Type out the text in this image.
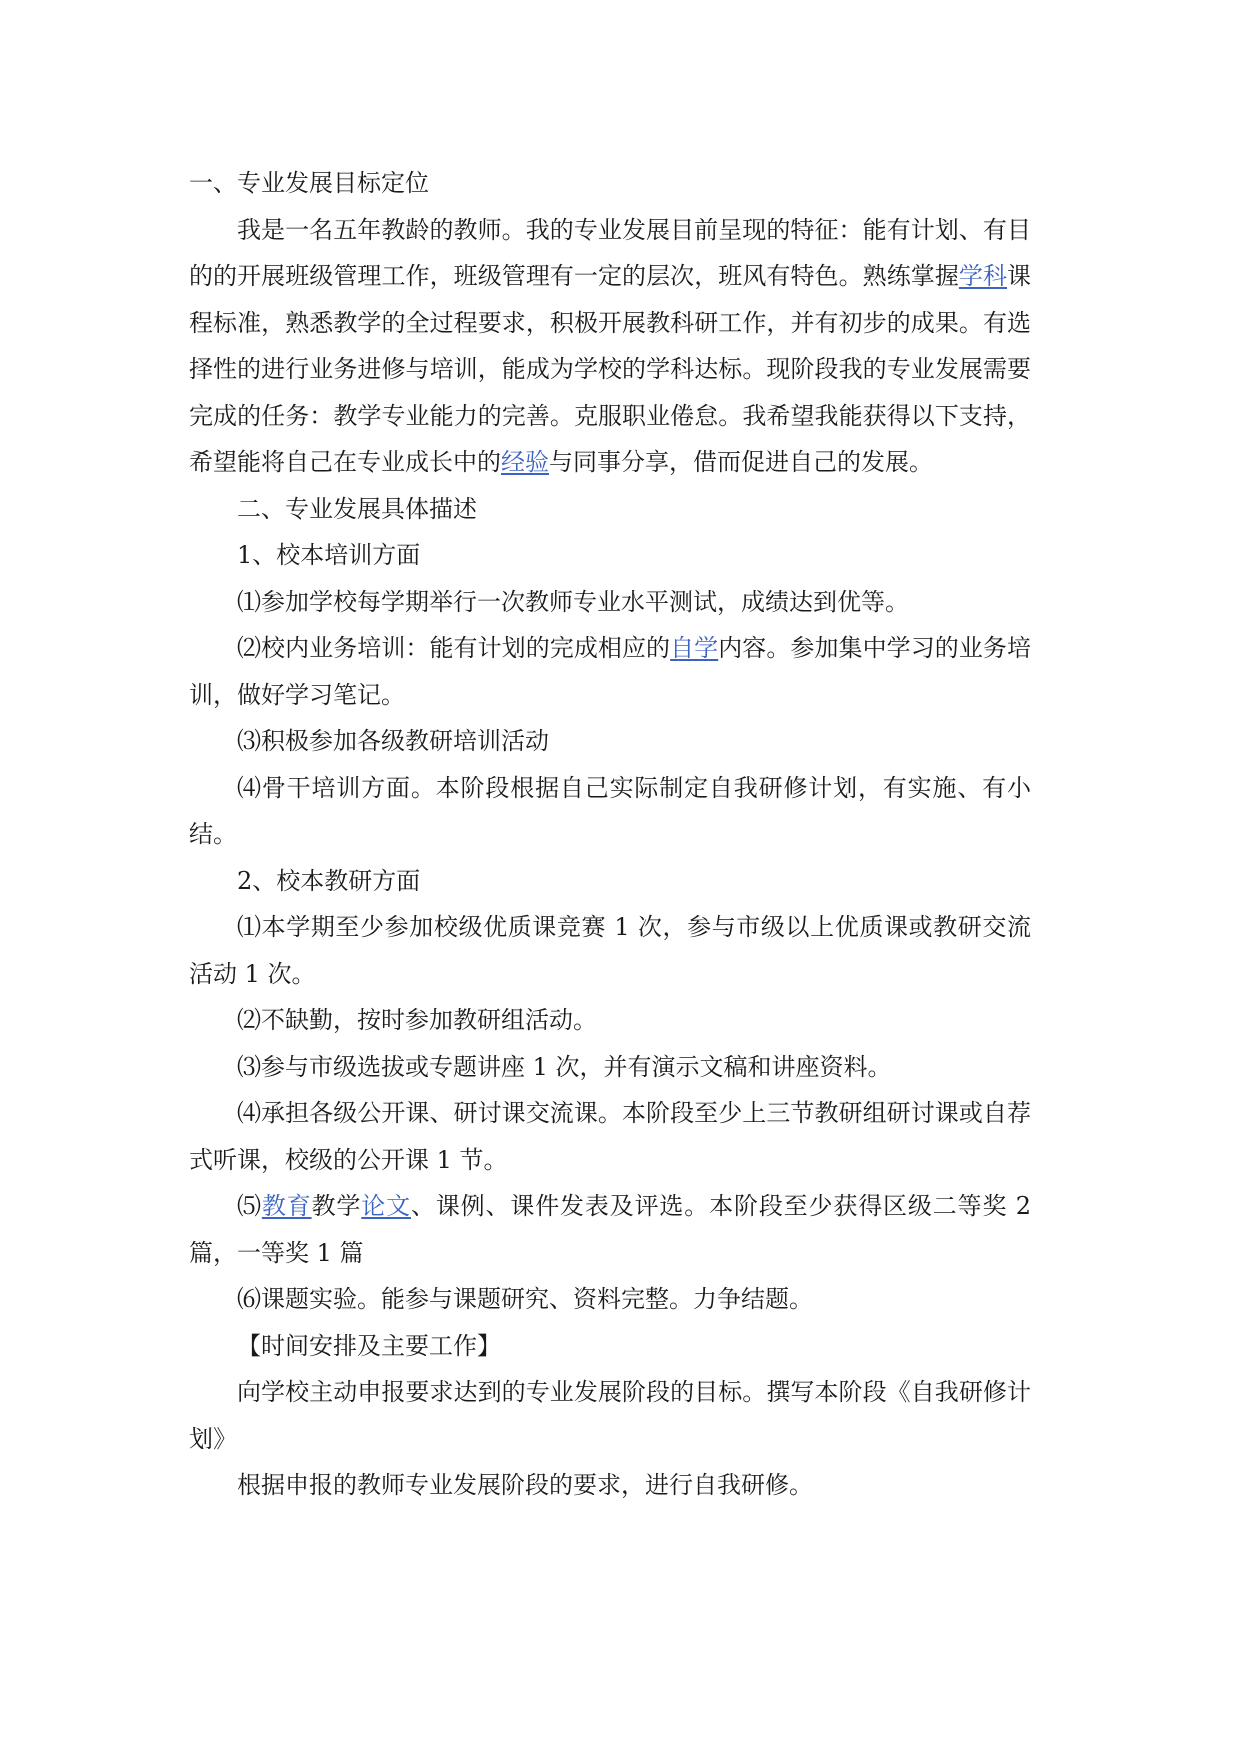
一、专业发展目标定位

我是一名五年教龄的教师。我的专业发展目前呈现的特征：能有计划、有目的的开展班级管理工作，班级管理有一定的层次，班风有特色。熟练掌握学科课程标准，熟悉教学的全过程要求，积极开展教科研工作，并有初步的成果。有选择性的进行业务进修与培训，能成为学校的学科达标。现阶段我的专业发展需要完成的任务：教学专业能力的完善。克服职业倦怠。我希望我能获得以下支持，希望能将自己在专业成长中的经验与同事分享，借而促进自己的发展。

二、专业发展具体描述

1、校本培训方面

⑴参加学校每学期举行一次教师专业水平测试，成绩达到优等。

⑵校内业务培训：能有计划的完成相应的自学内容。参加集中学习的业务培训，做好学习笔记。

⑶积极参加各级教研培训活动

⑷骨干培训方面。本阶段根据自己实际制定自我研修计划，有实施、有小结。

2、校本教研方面

⑴本学期至少参加校级优质课竞赛 1 次，参与市级以上优质课或教研交流活动 1 次。

⑵不缺勤，按时参加教研组活动。

⑶参与市级选拔或专题讲座 1 次，并有演示文稿和讲座资料。

⑷承担各级公开课、研讨课交流课。本阶段至少上三节教研组研讨课或自荐式听课，校级的公开课 1 节。

⑸教育教学论文、课例、课件发表及评选。本阶段至少获得区级二等奖 2 篇，一等奖 1 篇

⑹课题实验。能参与课题研究、资料完整。力争结题。

【时间安排及主要工作】

向学校主动申报要求达到的专业发展阶段的目标。撰写本阶段《自我研修计划》

根据申报的教师专业发展阶段的要求，进行自我研修。
